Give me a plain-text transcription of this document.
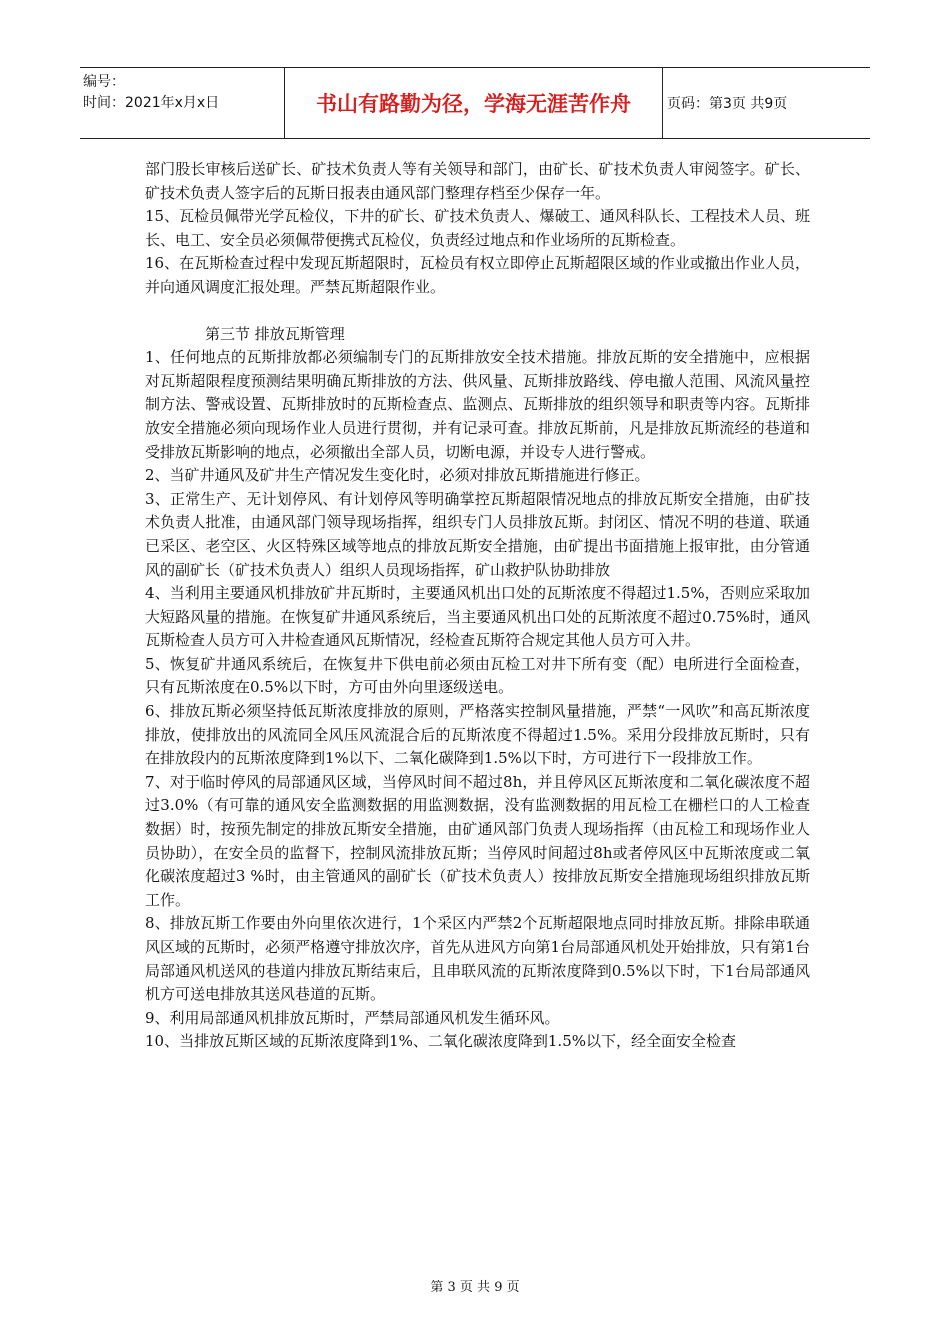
编号：
时间：2021年x月x日	书山有路勤为径，学海无涯苦作舟	页码：第3页 共9页

部门股长审核后送矿长、矿技术负责人等有关领导和部门，由矿长、矿技术负责人审阅签字。矿长、矿技术负责人签字后的瓦斯日报表由通风部门整理存档至少保存一年。

15、瓦检员佩带光学瓦检仪，下井的矿长、矿技术负责人、爆破工、通风科队长、工程技术人员、班长、电工、安全员必须佩带便携式瓦检仪，负责经过地点和作业场所的瓦斯检查。

16、在瓦斯检查过程中发现瓦斯超限时，瓦检员有权立即停止瓦斯超限区域的作业或撤出作业人员，并向通风调度汇报处理。严禁瓦斯超限作业。

第三节 排放瓦斯管理

1、任何地点的瓦斯排放都必须编制专门的瓦斯排放安全技术措施。排放瓦斯的安全措施中，应根据对瓦斯超限程度预测结果明确瓦斯排放的方法、供风量、瓦斯排放路线、停电撤人范围、风流风量控制方法、警戒设置、瓦斯排放时的瓦斯检查点、监测点、瓦斯排放的组织领导和职责等内容。瓦斯排放安全措施必须向现场作业人员进行贯彻，并有记录可查。排放瓦斯前，凡是排放瓦斯流经的巷道和受排放瓦斯影响的地点，必须撤出全部人员，切断电源，并设专人进行警戒。

2、当矿井通风及矿井生产情况发生变化时，必须对排放瓦斯措施进行修正。

3、正常生产、无计划停风、有计划停风等明确掌控瓦斯超限情况地点的排放瓦斯安全措施，由矿技术负责人批准，由通风部门领导现场指挥，组织专门人员排放瓦斯。封闭区、情况不明的巷道、联通已采区、老空区、火区特殊区域等地点的排放瓦斯安全措施，由矿提出书面措施上报审批，由分管通风的副矿长（矿技术负责人）组织人员现场指挥，矿山救护队协助排放

4、当利用主要通风机排放矿井瓦斯时，主要通风机出口处的瓦斯浓度不得超过1.5%，否则应采取加大短路风量的措施。在恢复矿井通风系统后，当主要通风机出口处的瓦斯浓度不超过0.75%时，通风瓦斯检查人员方可入井检查通风瓦斯情况，经检查瓦斯符合规定其他人员方可入井。

5、恢复矿井通风系统后，在恢复井下供电前必须由瓦检工对井下所有变（配）电所进行全面检查，只有瓦斯浓度在0.5%以下时，方可由外向里逐级送电。

6、排放瓦斯必须坚持低瓦斯浓度排放的原则，严格落实控制风量措施，严禁“一风吹”和高瓦斯浓度排放，使排放出的风流同全风压风流混合后的瓦斯浓度不得超过1.5%。采用分段排放瓦斯时，只有在排放段内的瓦斯浓度降到1%以下、二氧化碳降到1.5%以下时，方可进行下一段排放工作。

7、对于临时停风的局部通风区域，当停风时间不超过8h，并且停风区瓦斯浓度和二氧化碳浓度不超过3.0%（有可靠的通风安全监测数据的用监测数据，没有监测数据的用瓦检工在栅栏口的人工检查数据）时，按预先制定的排放瓦斯安全措施，由矿通风部门负责人现场指挥（由瓦检工和现场作业人员协助），在安全员的监督下，控制风流排放瓦斯；当停风时间超过8h或者停风区中瓦斯浓度或二氧化碳浓度超过3 %时，由主管通风的副矿长（矿技术负责人）按排放瓦斯安全措施现场组织排放瓦斯工作。

8、排放瓦斯工作要由外向里依次进行，1个采区内严禁2个瓦斯超限地点同时排放瓦斯。排除串联通风区域的瓦斯时，必须严格遵守排放次序，首先从进风方向第1台局部通风机处开始排放，只有第1台局部通风机送风的巷道内排放瓦斯结束后，且串联风流的瓦斯浓度降到0.5%以下时，下1台局部通风机方可送电排放其送风巷道的瓦斯。

9、利用局部通风机排放瓦斯时，严禁局部通风机发生循环风。

10、当排放瓦斯区域的瓦斯浓度降到1%、二氧化碳浓度降到1.5%以下，经全面安全检查

第 3 页 共 9 页
